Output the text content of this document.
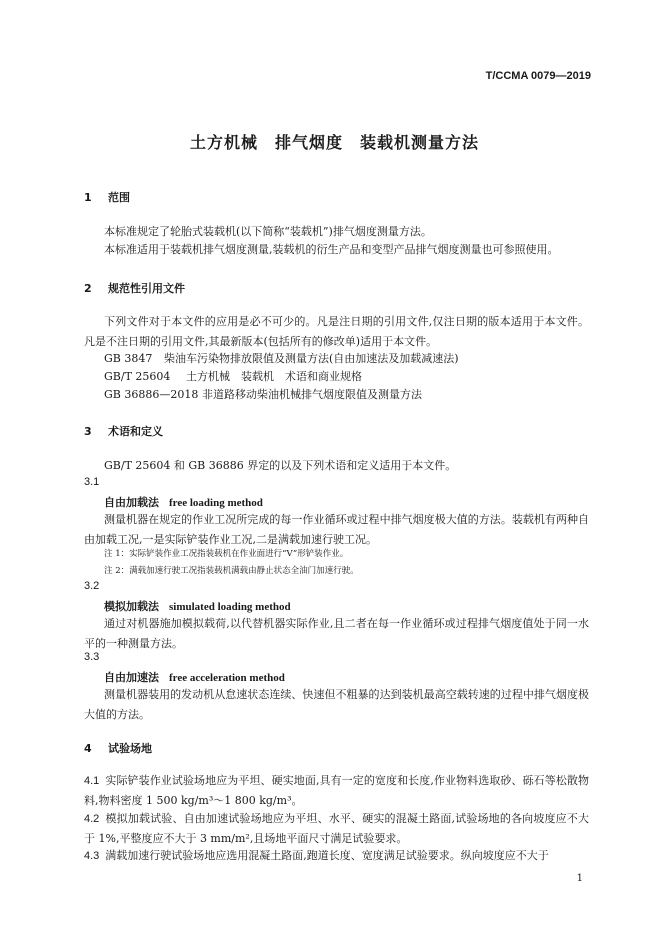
T/CCMA 0079—2019
土方机械　排气烟度　装载机测量方法
1 范围
本标准规定了轮胎式装载机(以下简称“装载机”)排气烟度测量方法。
本标准适用于装载机排气烟度测量,装载机的衍生产品和变型产品排气烟度测量也可参照使用。
2 规范性引用文件
下列文件对于本文件的应用是必不可少的。凡是注日期的引用文件,仅注日期的版本适用于本文件。凡是不注日期的引用文件,其最新版本(包括所有的修改单)适用于本文件。
GB 3847 柴油车污染物排放限值及测量方法(自由加速法及加载减速法)
GB/T 25604 土方机械　装载机　术语和商业规格
GB 36886—2018 非道路移动柴油机械排气烟度限值及测量方法
3 术语和定义
GB/T 25604 和 GB 36886 界定的以及下列术语和定义适用于本文件。
3.1
自由加载法 free loading method
测量机器在规定的作业工况所完成的每一作业循环或过程中排气烟度极大值的方法。装载机有两种自由加载工况,一是实际铲装作业工况,二是满载加速行驶工况。
注 1：实际铲装作业工况指装载机在作业面进行“V”形铲装作业。
注 2：满载加速行驶工况指装载机满载由静止状态全油门加速行驶。
3.2
模拟加载法 simulated loading method
通过对机器施加模拟载荷,以代替机器实际作业,且二者在每一作业循环或过程排气烟度值处于同一水平的一种测量方法。
3.3
自由加速法 free acceleration method
测量机器装用的发动机从怠速状态连续、快速但不粗暴的达到装机最高空载转速的过程中排气烟度极大值的方法。
4 试验场地
4.1 实际铲装作业试验场地应为平坦、硬实地面,具有一定的宽度和长度,作业物料选取砂、砾石等松散物料,物料密度 1 500 kg/m³～1 800 kg/m³。
4.2 模拟加载试验、自由加速试验场地应为平坦、水平、硬实的混凝土路面,试验场地的各向坡度应不大于 1%,平整度应不大于 3 mm/m²,且场地平面尺寸满足试验要求。
4.3 满载加速行驶试验场地应选用混凝土路面,跑道长度、宽度满足试验要求。纵向坡度应不大于
1
